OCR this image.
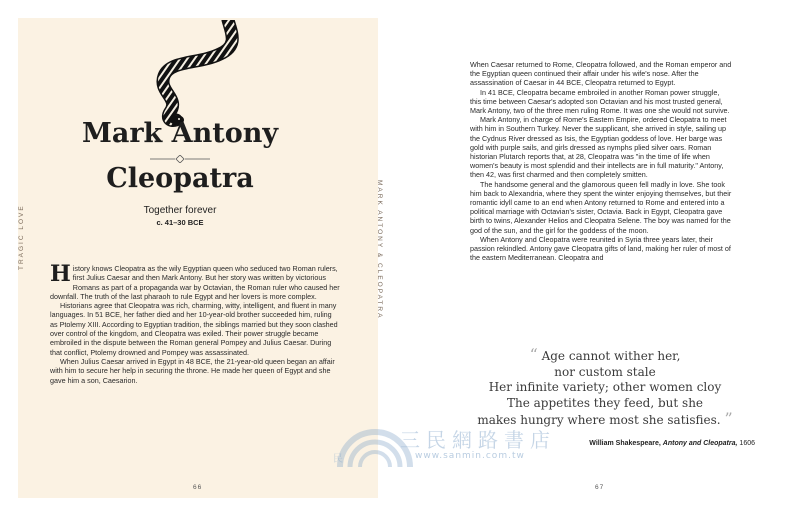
TRAGIC LOVE
Mark Antony
Cleopatra
Together forever
c. 41–30 BCE

History knows Cleopatra as the wily Egyptian queen who seduced two Roman rulers, first Julius Caesar and then Mark Antony. But her story was written by victorious Romans as part of a propaganda war by Octavian, the Roman ruler who caused her downfall. The truth of the last pharaoh to rule Egypt and her lovers is more complex.

Historians agree that Cleopatra was rich, charming, witty, intelligent, and fluent in many languages. In 51 BCE, her father died and her 10-year-old brother succeeded him, ruling as Ptolemy XIII. According to Egyptian tradition, the siblings married but they soon clashed over control of the kingdom, and Cleopatra was exiled. Their power struggle became embroiled in the dispute between the Roman general Pompey and Julius Caesar. During that conflict, Ptolemy drowned and Pompey was assassinated.

When Julius Caesar arrived in Egypt in 48 BCE, the 21-year-old queen began an affair with him to secure her help in securing the throne. He made her queen of Egypt and she gave him a son, Caesarion.

66

When Caesar returned to Rome, Cleopatra followed, and the Roman emperor and the Egyptian queen continued their affair under his wife's nose. After the assassination of Caesar in 44 BCE, Cleopatra returned to Egypt.

In 41 BCE, Cleopatra became embroiled in another Roman power struggle, this time between Caesar's adopted son Octavian and his most trusted general, Mark Antony, two of the three men ruling Rome. It was one she would not survive.

Mark Antony, in charge of Rome's Eastern Empire, ordered Cleopatra to meet with him in Southern Turkey. Never the supplicant, she arrived in style, sailing up the Cydnus River dressed as Isis, the Egyptian goddess of love. Her barge was gold with purple sails, and girls dressed as nymphs plied silver oars. Roman historian Plutarch reports that, at 28, Cleopatra was "in the time of life when women's beauty is most splendid and their intellects are in full maturity." Antony, then 42, was first charmed and then completely smitten.

The handsome general and the glamorous queen fell madly in love. She took him back to Alexandria, where they spent the winter enjoying themselves, but their romantic idyll came to an end when Antony returned to Rome and entered into a political marriage with Octavian's sister, Octavia. Back in Egypt, Cleopatra gave birth to twins, Alexander Helios and Cleopatra Selene. The boy was named for the god of the sun, and the girl for the goddess of the moon.

When Antony and Cleopatra were reunited in Syria three years later, their passion rekindled. Antony gave Cleopatra gifts of land, making her ruler of most of the eastern Mediterranean. Cleopatra and

MARK ANTONY & CLEOPATRA
“ Age cannot wither her,
nor custom stale
Her infinite variety; other women cloy
The appetites they feed, but she
makes hungry where most she satisfies. ”
William Shakespeare, Antony and Cleopatra, 1606
67
民
三民網路書店
www.sanmin.com.tw
